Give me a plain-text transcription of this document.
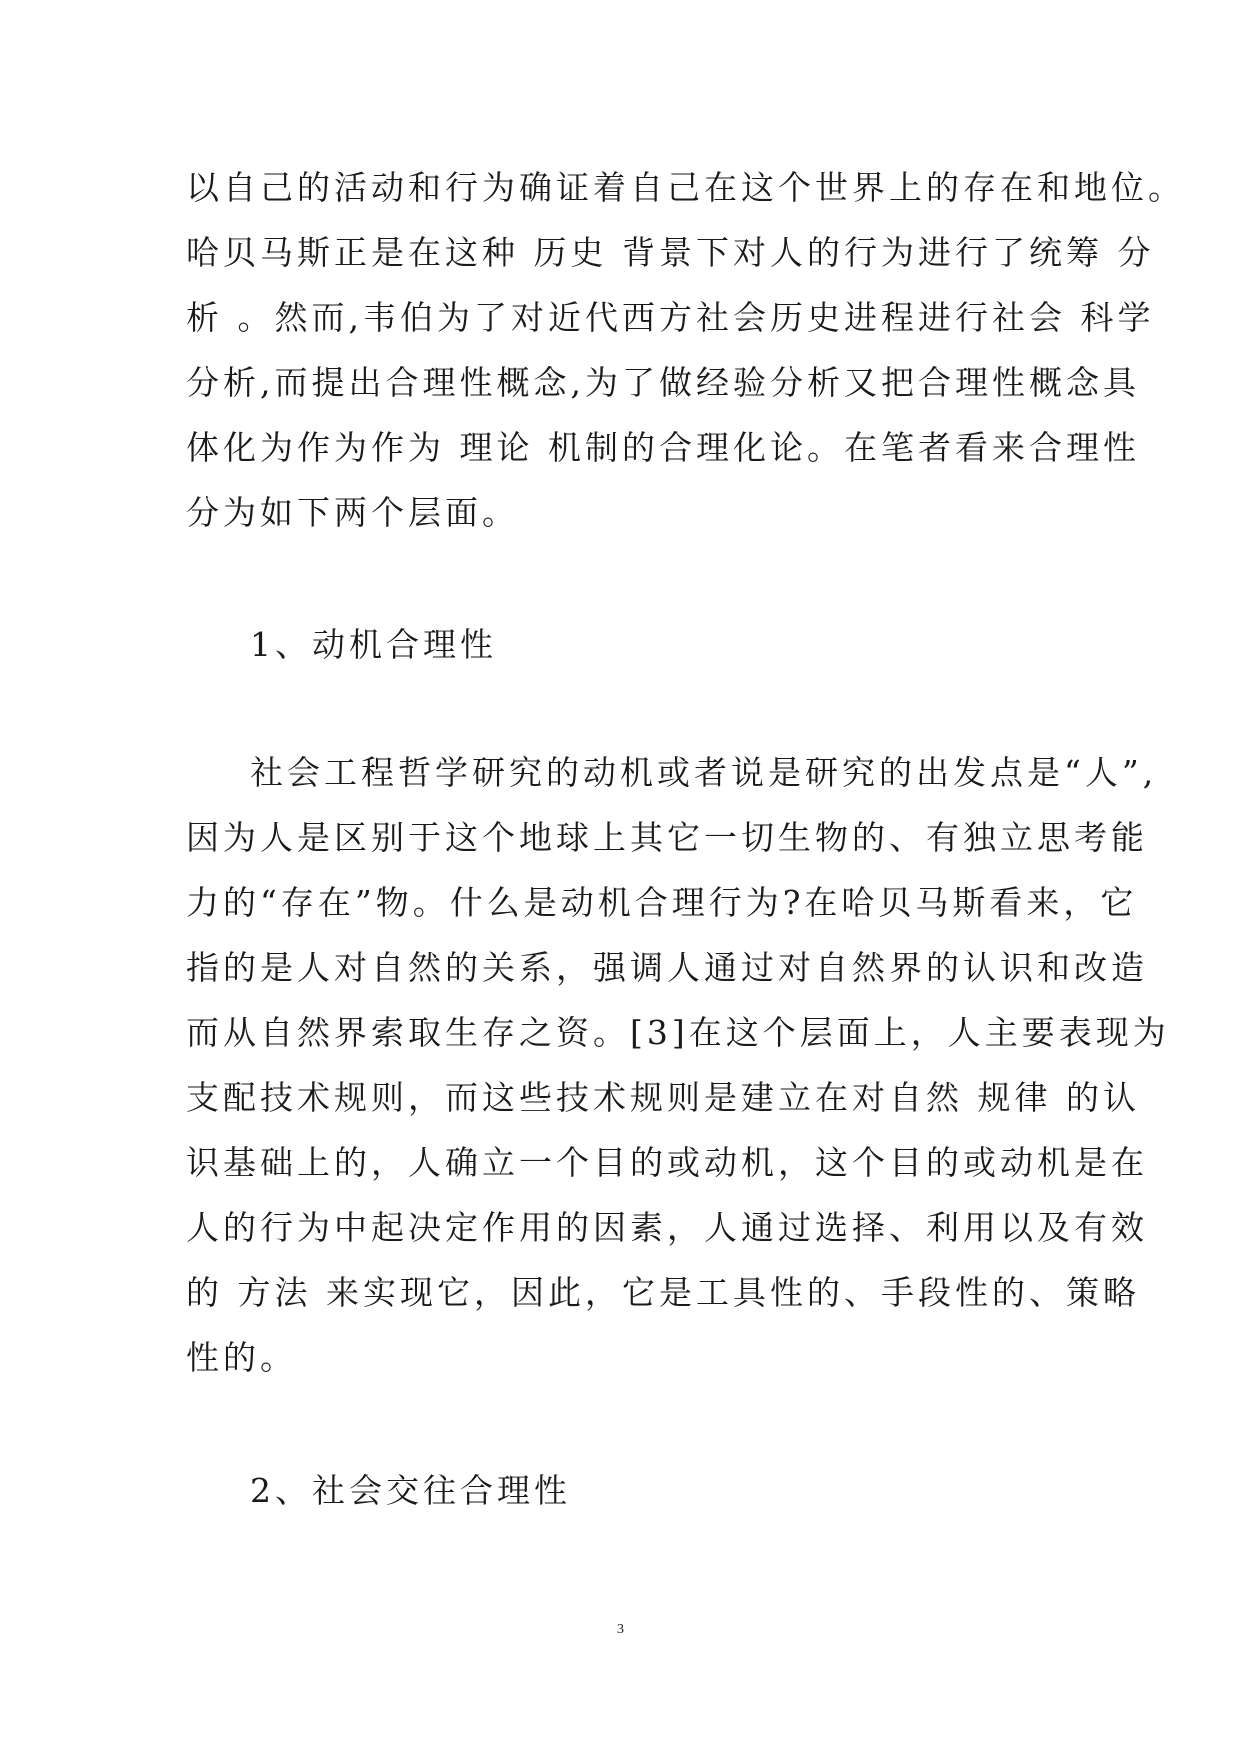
以自己的活动和行为确证着自己在这个世界上的存在和地位。
哈贝马斯正是在这种 历史 背景下对人的行为进行了统筹 分
析 。然而,韦伯为了对近代西方社会历史进程进行社会 科学
分析,而提出合理性概念,为了做经验分析又把合理性概念具
体化为作为作为 理论 机制的合理化论。在笔者看来合理性
分为如下两个层面。
1、动机合理性
社会工程哲学研究的动机或者说是研究的出发点是“人”,
因为人是区别于这个地球上其它一切生物的、有独立思考能
力的“存在”物。什么是动机合理行为?在哈贝马斯看来，它
指的是人对自然的关系，强调人通过对自然界的认识和改造
而从自然界索取生存之资。[3]在这个层面上，人主要表现为
支配技术规则，而这些技术规则是建立在对自然 规律 的认
识基础上的，人确立一个目的或动机，这个目的或动机是在
人的行为中起决定作用的因素，人通过选择、利用以及有效
的 方法 来实现它，因此，它是工具性的、手段性的、策略
性的。
2、社会交往合理性
3
